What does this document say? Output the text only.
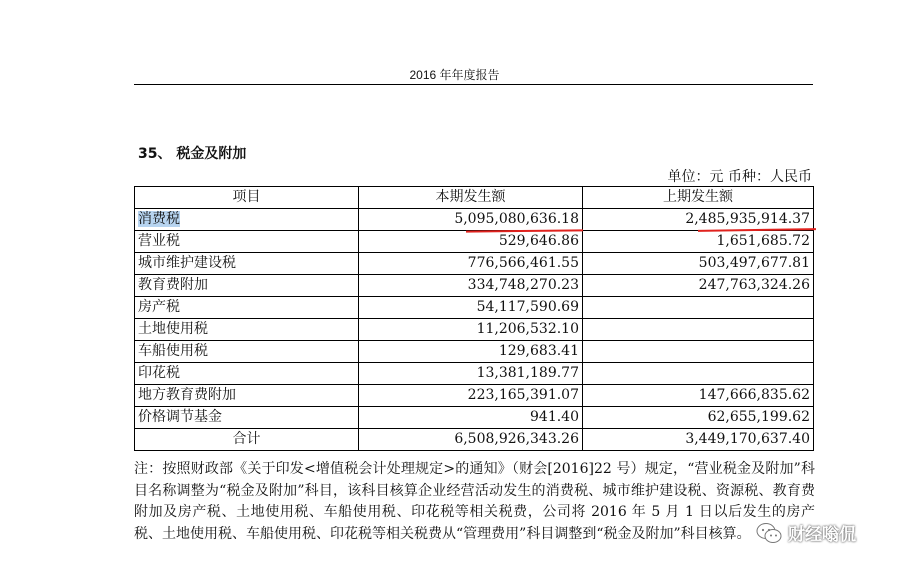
2016 年年度报告
35、 税金及附加
单位：元 币种：人民币
项目	本期发生额	上期发生额
消费税	5,095,080,636.18	2,485,935,914.37
营业税	529,646.86	1,651,685.72
城市维护建设税	776,566,461.55	503,497,677.81
教育费附加	334,748,270.23	247,763,324.26
房产税	54,117,590.69	
土地使用税	11,206,532.10	
车船使用税	129,683.41	
印花税	13,381,189.77	
地方教育费附加	223,165,391.07	147,666,835.62
价格调节基金	941.40	62,655,199.62
合计	6,508,926,343.26	3,449,170,637.40
注：按照财政部《关于印发<增值税会计处理规定>的通知》（财会[2016]22 号）规定，“营业税金及附加”科目名称调整为“税金及附加”科目，该科目核算企业经营活动发生的消费税、城市维护建设税、资源税、教育费附加及房产税、土地使用税、车船使用税、印花税等相关税费，公司将 2016 年 5 月 1 日以后发生的房产税、土地使用税、车船使用税、印花税等相关税费从“管理费用”科目调整到“税金及附加”科目核算。	财经嗡侃
